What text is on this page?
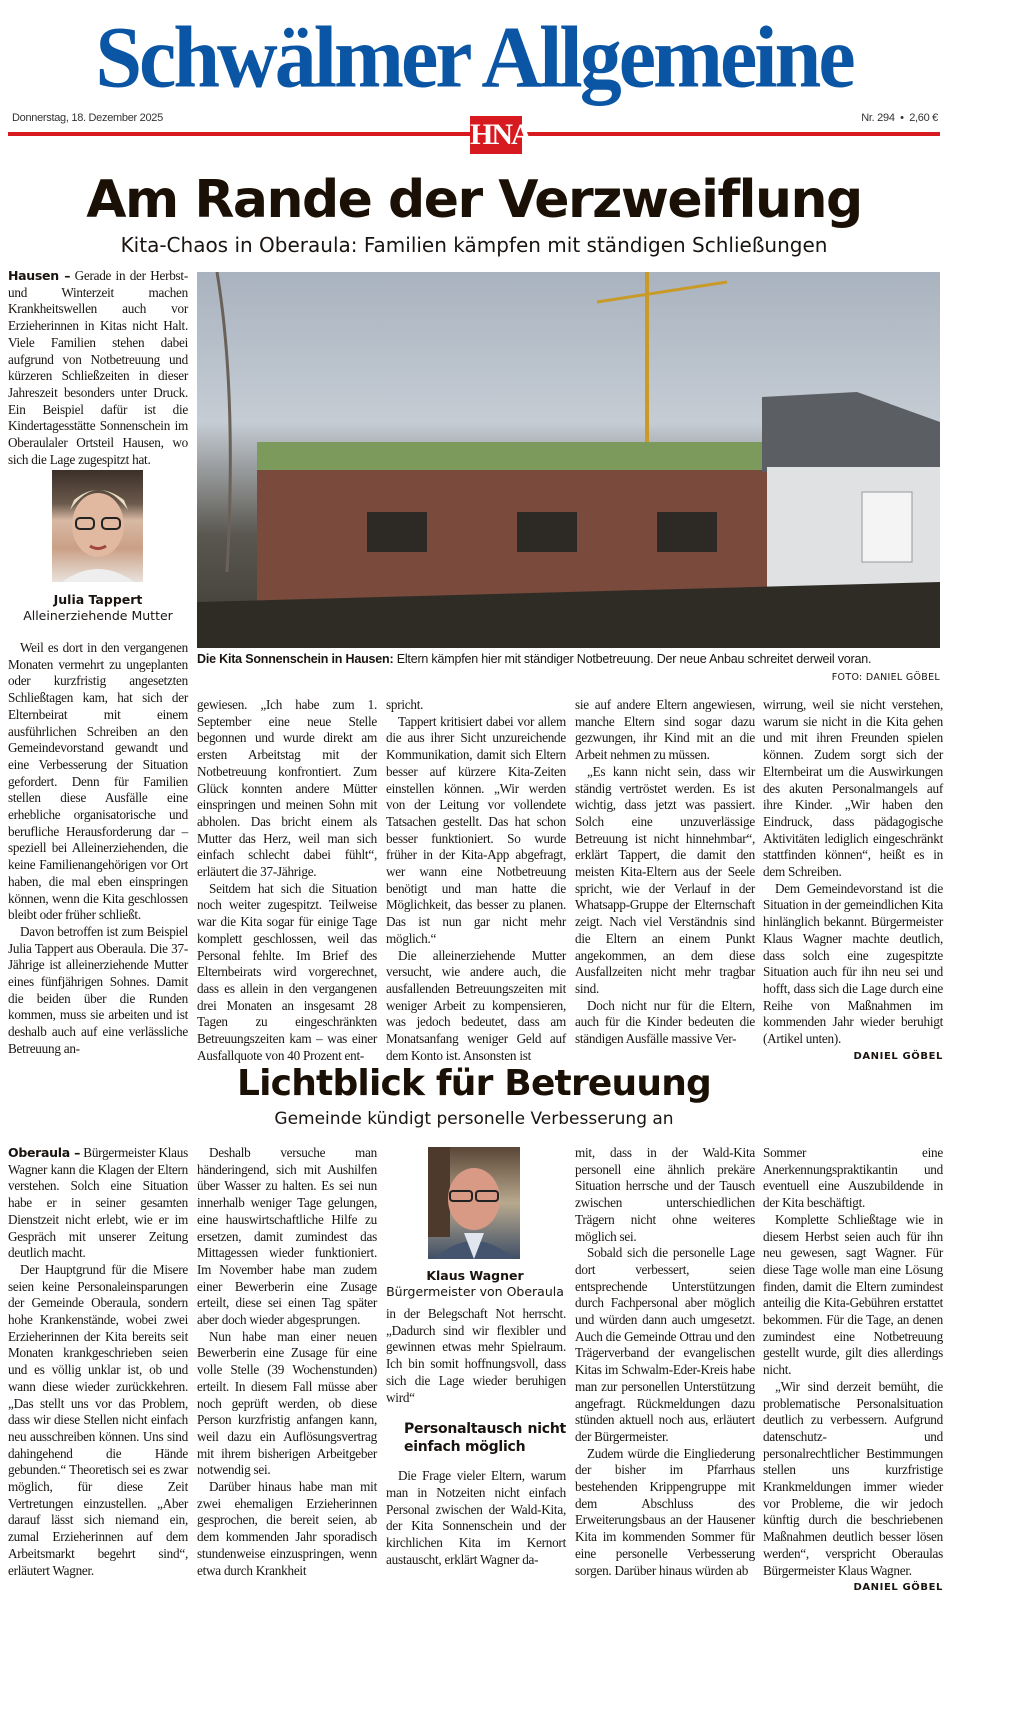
Schwälmer Allgemeine
Donnerstag, 18. Dezember 2025	Nr. 294  •  2,60 €
HNA
Am Rande der Verzweiflung
Kita-Chaos in Oberaula: Familien kämpfen mit ständigen Schließungen

Hausen – Gerade in der Herbst- und Winterzeit machen Krankheitswellen auch vor Erzieherinnen in Kitas nicht Halt. Viele Familien stehen dabei aufgrund von Notbetreuung und kürzeren Schließzeiten in dieser Jahreszeit besonders unter Druck. Ein Beispiel dafür ist die Kindertagesstätte Sonnenschein im Oberaulaler Ortsteil Hausen, wo sich die Lage zugespitzt hat.

Julia Tappert
Alleinerziehende Mutter
Die Kita Sonnenschein in Hausen: Eltern kämpfen hier mit ständiger Notbetreuung. Der neue Anbau schreitet derweil voran.
FOTO: DANIEL GÖBEL

Weil es dort in den vergangenen Monaten vermehrt zu ungeplanten oder kurzfristig angesetzten Schließtagen kam, hat sich der Elternbeirat mit einem ausführlichen Schreiben an den Gemeindevorstand gewandt und eine Verbesserung der Situation gefordert. Denn für Familien stellen diese Ausfälle eine erhebliche organisatorische und berufliche Herausforderung dar – speziell bei Alleinerziehenden, die keine Familienangehörigen vor Ort haben, die mal eben einspringen können, wenn die Kita geschlossen bleibt oder früher schließt.

Davon betroffen ist zum Beispiel Julia Tappert aus Oberaula. Die 37-Jährige ist alleinerziehende Mutter eines fünfjährigen Sohnes. Damit die beiden über die Runden kommen, muss sie arbeiten und ist deshalb auch auf eine verlässliche Betreuung an-

gewiesen. „Ich habe zum 1. September eine neue Stelle begonnen und wurde direkt am ersten Arbeitstag mit der Notbetreuung konfrontiert. Zum Glück konnten andere Mütter einspringen und meinen Sohn mit abholen. Das bricht einem als Mutter das Herz, weil man sich einfach schlecht dabei fühlt“, erläutert die 37-Jährige.

Seitdem hat sich die Situation noch weiter zugespitzt. Teilweise war die Kita sogar für einige Tage komplett geschlossen, weil das Personal fehlte. Im Brief des Elternbeirats wird vorgerechnet, dass es allein in den vergangenen drei Monaten an insgesamt 28 Tagen zu eingeschränkten Betreuungszeiten kam – was einer Ausfallquote von 40 Prozent ent-

spricht.

Tappert kritisiert dabei vor allem die aus ihrer Sicht unzureichende Kommunikation, damit sich Eltern besser auf kürzere Kita-Zeiten einstellen können. „Wir werden von der Leitung vor vollendete Tatsachen gestellt. Das hat schon besser funktioniert. So wurde früher in der Kita-App abgefragt, wer wann eine Notbetreuung benötigt und man hatte die Möglichkeit, das besser zu planen. Das ist nun gar nicht mehr möglich.“

Die alleinerziehende Mutter versucht, wie andere auch, die ausfallenden Betreuungszeiten mit weniger Arbeit zu kompensieren, was jedoch bedeutet, dass am Monatsanfang weniger Geld auf dem Konto ist. Ansonsten ist

sie auf andere Eltern angewiesen, manche Eltern sind sogar dazu gezwungen, ihr Kind mit an die Arbeit nehmen zu müssen.

„Es kann nicht sein, dass wir ständig vertröstet werden. Es ist wichtig, dass jetzt was passiert. Solch eine unzuverlässige Betreuung ist nicht hinnehmbar“, erklärt Tappert, die damit den meisten Kita-Eltern aus der Seele spricht, wie der Verlauf in der Whatsapp-Gruppe der Elternschaft zeigt. Nach viel Verständnis sind die Eltern an einem Punkt angekommen, an dem diese Ausfallzeiten nicht mehr tragbar sind.

Doch nicht nur für die Eltern, auch für die Kinder bedeuten die ständigen Ausfälle massive Ver-

wirrung, weil sie nicht verstehen, warum sie nicht in die Kita gehen und mit ihren Freunden spielen können. Zudem sorgt sich der Elternbeirat um die Auswirkungen des akuten Personalmangels auf ihre Kinder. „Wir haben den Eindruck, dass pädagogische Aktivitäten lediglich eingeschränkt stattfinden können“, heißt es in dem Schreiben.

Dem Gemeindevorstand ist die Situation in der gemeindlichen Kita hinlänglich bekannt. Bürgermeister Klaus Wagner machte deutlich, dass solch eine zugespitzte Situation auch für ihn neu sei und hofft, dass sich die Lage durch eine Reihe von Maßnahmen im kommenden Jahr wieder beruhigt (Artikel unten).

DANIEL GÖBEL
Lichtblick für Betreuung
Gemeinde kündigt personelle Verbesserung an

Oberaula – Bürgermeister Klaus Wagner kann die Klagen der Eltern verstehen. Solch eine Situation habe er in seiner gesamten Dienstzeit nicht erlebt, wie er im Gespräch mit unserer Zeitung deutlich macht.

Der Hauptgrund für die Misere seien keine Personaleinsparungen der Gemeinde Oberaula, sondern hohe Krankenstände, wobei zwei Erzieherinnen der Kita bereits seit Monaten krankgeschrieben seien und es völlig unklar ist, ob und wann diese wieder zurückkehren. „Das stellt uns vor das Problem, dass wir diese Stellen nicht einfach neu ausschreiben können. Uns sind dahingehend die Hände gebunden.“ Theoretisch sei es zwar möglich, für diese Zeit Vertretungen einzustellen. „Aber darauf lässt sich niemand ein, zumal Erzieherinnen auf dem Arbeitsmarkt begehrt sind“, erläutert Wagner.

Deshalb versuche man händeringend, sich mit Aushilfen über Wasser zu halten. Es sei nun innerhalb weniger Tage gelungen, eine hauswirtschaftliche Hilfe zu ersetzen, damit zumindest das Mittagessen wieder funktioniert. Im November habe man zudem einer Bewerberin eine Zusage erteilt, diese sei einen Tag später aber doch wieder abgesprungen.

Nun habe man einer neuen Bewerberin eine Zusage für eine volle Stelle (39 Wochenstunden) erteilt. In diesem Fall müsse aber noch geprüft werden, ob diese Person kurzfristig anfangen kann, weil dazu ein Auflösungsvertrag mit ihrem bisherigen Arbeitgeber notwendig sei.

Darüber hinaus habe man mit zwei ehemaligen Erzieherinnen gesprochen, die bereit seien, ab dem kommenden Jahr sporadisch stundenweise einzuspringen, wenn etwa durch Krankheit

Klaus Wagner
Bürgermeister von Oberaula

in der Belegschaft Not herrscht. „Dadurch sind wir flexibler und gewinnen etwas mehr Spielraum. Ich bin somit hoffnungsvoll, dass sich die Lage wieder beruhigen wird“

Personaltausch nicht einfach möglich

Die Frage vieler Eltern, warum man in Notzeiten nicht einfach Personal zwischen der Wald-Kita, der Kita Sonnenschein und der kirchlichen Kita im Kernort austauscht, erklärt Wagner da-

mit, dass in der Wald-Kita personell eine ähnlich prekäre Situation herrsche und der Tausch zwischen unterschiedlichen Trägern nicht ohne weiteres möglich sei.

Sobald sich die personelle Lage dort verbessert, seien entsprechende Unterstützungen durch Fachpersonal aber möglich und würden dann auch umgesetzt. Auch die Gemeinde Ottrau und den Trägerverband der evangelischen Kitas im Schwalm-Eder-Kreis habe man zur personellen Unterstützung angefragt. Rückmeldungen dazu stünden aktuell noch aus, erläutert der Bürgermeister.

Zudem würde die Eingliederung der bisher im Pfarrhaus bestehenden Krippengruppe mit dem Abschluss des Erweiterungsbaus an der Hausener Kita im kommenden Sommer für eine personelle Verbesserung sorgen. Darüber hinaus würden ab

Sommer eine Anerkennungspraktikantin und eventuell eine Auszubildende in der Kita beschäftigt.

Komplette Schließtage wie in diesem Herbst seien auch für ihn neu gewesen, sagt Wagner. Für diese Tage wolle man eine Lösung finden, damit die Eltern zumindest anteilig die Kita-Gebühren erstattet bekommen. Für die Tage, an denen zumindest eine Notbetreuung gestellt wurde, gilt dies allerdings nicht.

„Wir sind derzeit bemüht, die problematische Personalsituation deutlich zu verbessern. Aufgrund datenschutz- und personalrechtlicher Bestimmungen stellen uns kurzfristige Krankmeldungen immer wieder vor Probleme, die wir jedoch künftig durch die beschriebenen Maßnahmen deutlich besser lösen werden“, verspricht Oberaulas Bürgermeister Klaus Wagner.

DANIEL GÖBEL
